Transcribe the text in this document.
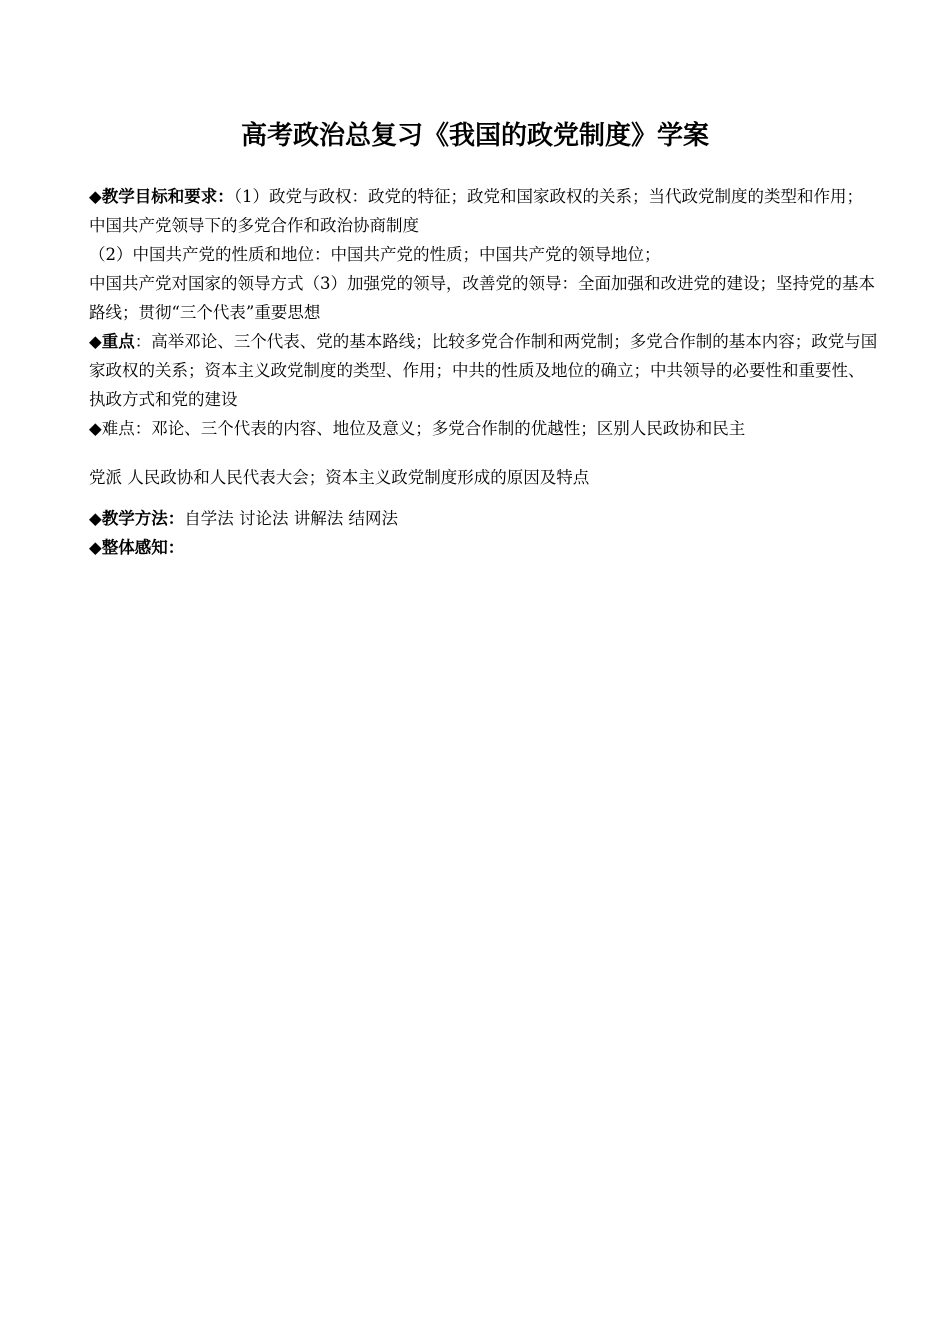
高考政治总复习《我国的政党制度》学案

◆教学目标和要求：（1）政党与政权：政党的特征；政党和国家政权的关系；当代政党制度的类型和作用；中国共产党领导下的多党合作和政治协商制度

（2）中国共产党的性质和地位：中国共产党的性质；中国共产党的领导地位；

中国共产党对国家的领导方式（3）加强党的领导，改善党的领导：全面加强和改进党的建设；坚持党的基本路线；贯彻“三个代表”重要思想

◆重点：高举邓论、三个代表、党的基本路线；比较多党合作制和两党制；多党合作制的基本内容；政党与国家政权的关系；资本主义政党制度的类型、作用；中共的性质及地位的确立；中共领导的必要性和重要性、执政方式和党的建设

◆难点：邓论、三个代表的内容、地位及意义；多党合作制的优越性；区别人民政协和民主

党派 人民政协和人民代表大会；资本主义政党制度形成的原因及特点

◆教学方法：自学法 讨论法 讲解法 结网法

◆整体感知：
